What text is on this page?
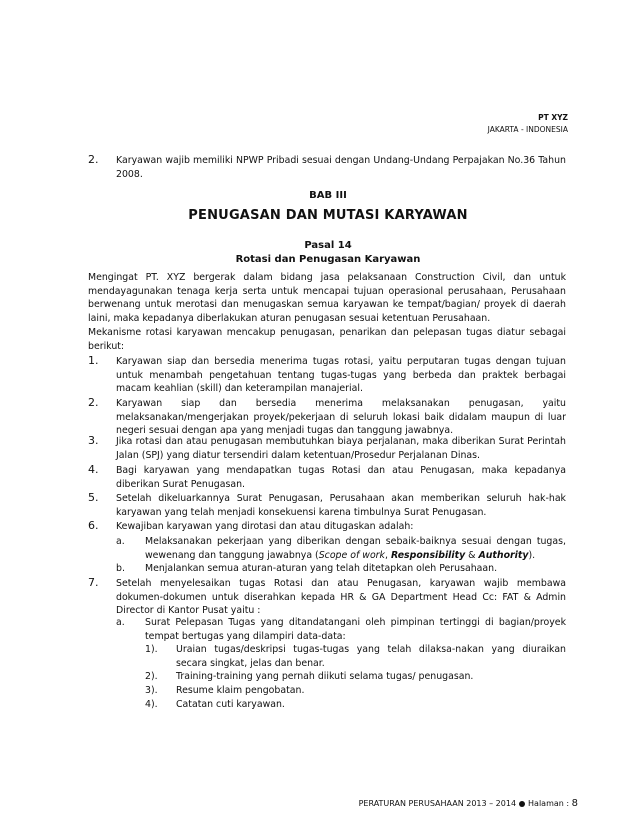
PT XYZ
JAKARTA - INDONESIA
2. Karyawan wajib memiliki NPWP Pribadi sesuai dengan Undang-Undang Perpajakan No.36 Tahun 2008.
BAB III
PENUGASAN DAN MUTASI KARYAWAN
Pasal 14
Rotasi dan Penugasan Karyawan
Mengingat PT. XYZ bergerak dalam bidang jasa pelaksanaan Construction Civil, dan untuk mendayagunakan tenaga kerja serta untuk mencapai tujuan operasional perusahaan, Perusahaan berwenang untuk merotasi dan menugaskan semua karyawan ke tempat/bagian/ proyek di daerah laini, maka kepadanya diberlakukan aturan penugasan sesuai ketentuan Perusahaan.
Mekanisme rotasi karyawan mencakup penugasan, penarikan dan pelepasan tugas diatur sebagai berikut:
1. Karyawan siap dan bersedia menerima tugas rotasi, yaitu perputaran tugas dengan tujuan untuk menambah pengetahuan tentang tugas-tugas yang berbeda dan praktek berbagai macam keahlian (skill) dan keterampilan manajerial.
2. Karyawan siap dan bersedia menerima melaksanakan penugasan, yaitu melaksanakan/mengerjakan proyek/pekerjaan di seluruh lokasi baik didalam maupun di luar negeri sesuai dengan apa yang menjadi tugas dan tanggung jawabnya.
3. Jika rotasi dan atau penugasan membutuhkan biaya perjalanan, maka diberikan Surat Perintah Jalan (SPJ) yang diatur tersendiri dalam ketentuan/Prosedur Perjalanan Dinas.
4. Bagi karyawan yang mendapatkan tugas Rotasi dan atau Penugasan, maka kepadanya diberikan Surat Penugasan.
5. Setelah dikeluarkannya Surat Penugasan, Perusahaan akan memberikan seluruh hak-hak karyawan yang telah menjadi konsekuensi karena timbulnya Surat Penugasan.
6. Kewajiban karyawan yang dirotasi dan atau ditugaskan adalah:
a. Melaksanakan pekerjaan yang diberikan dengan sebaik-baiknya sesuai dengan tugas, wewenang dan tanggung jawabnya (Scope of work, Responsibility & Authority).
b. Menjalankan semua aturan-aturan yang telah ditetapkan oleh Perusahaan.
7. Setelah menyelesaikan tugas Rotasi dan atau Penugasan, karyawan wajib membawa dokumen-dokumen untuk diserahkan kepada HR & GA Department Head Cc: FAT & Admin Director di Kantor Pusat yaitu :
a. Surat Pelepasan Tugas yang ditandatangani oleh pimpinan tertinggi di bagian/proyek tempat bertugas yang dilampiri data-data:
1). Uraian tugas/deskripsi tugas-tugas yang telah dilaksa-nakan yang diuraikan secara singkat, jelas dan benar.
2). Training-training yang pernah diikuti selama tugas/ penugasan.
3). Resume klaim pengobatan.
4). Catatan cuti karyawan.
PERATURAN PERUSAHAAN 2013 – 2014 Halaman : 8
